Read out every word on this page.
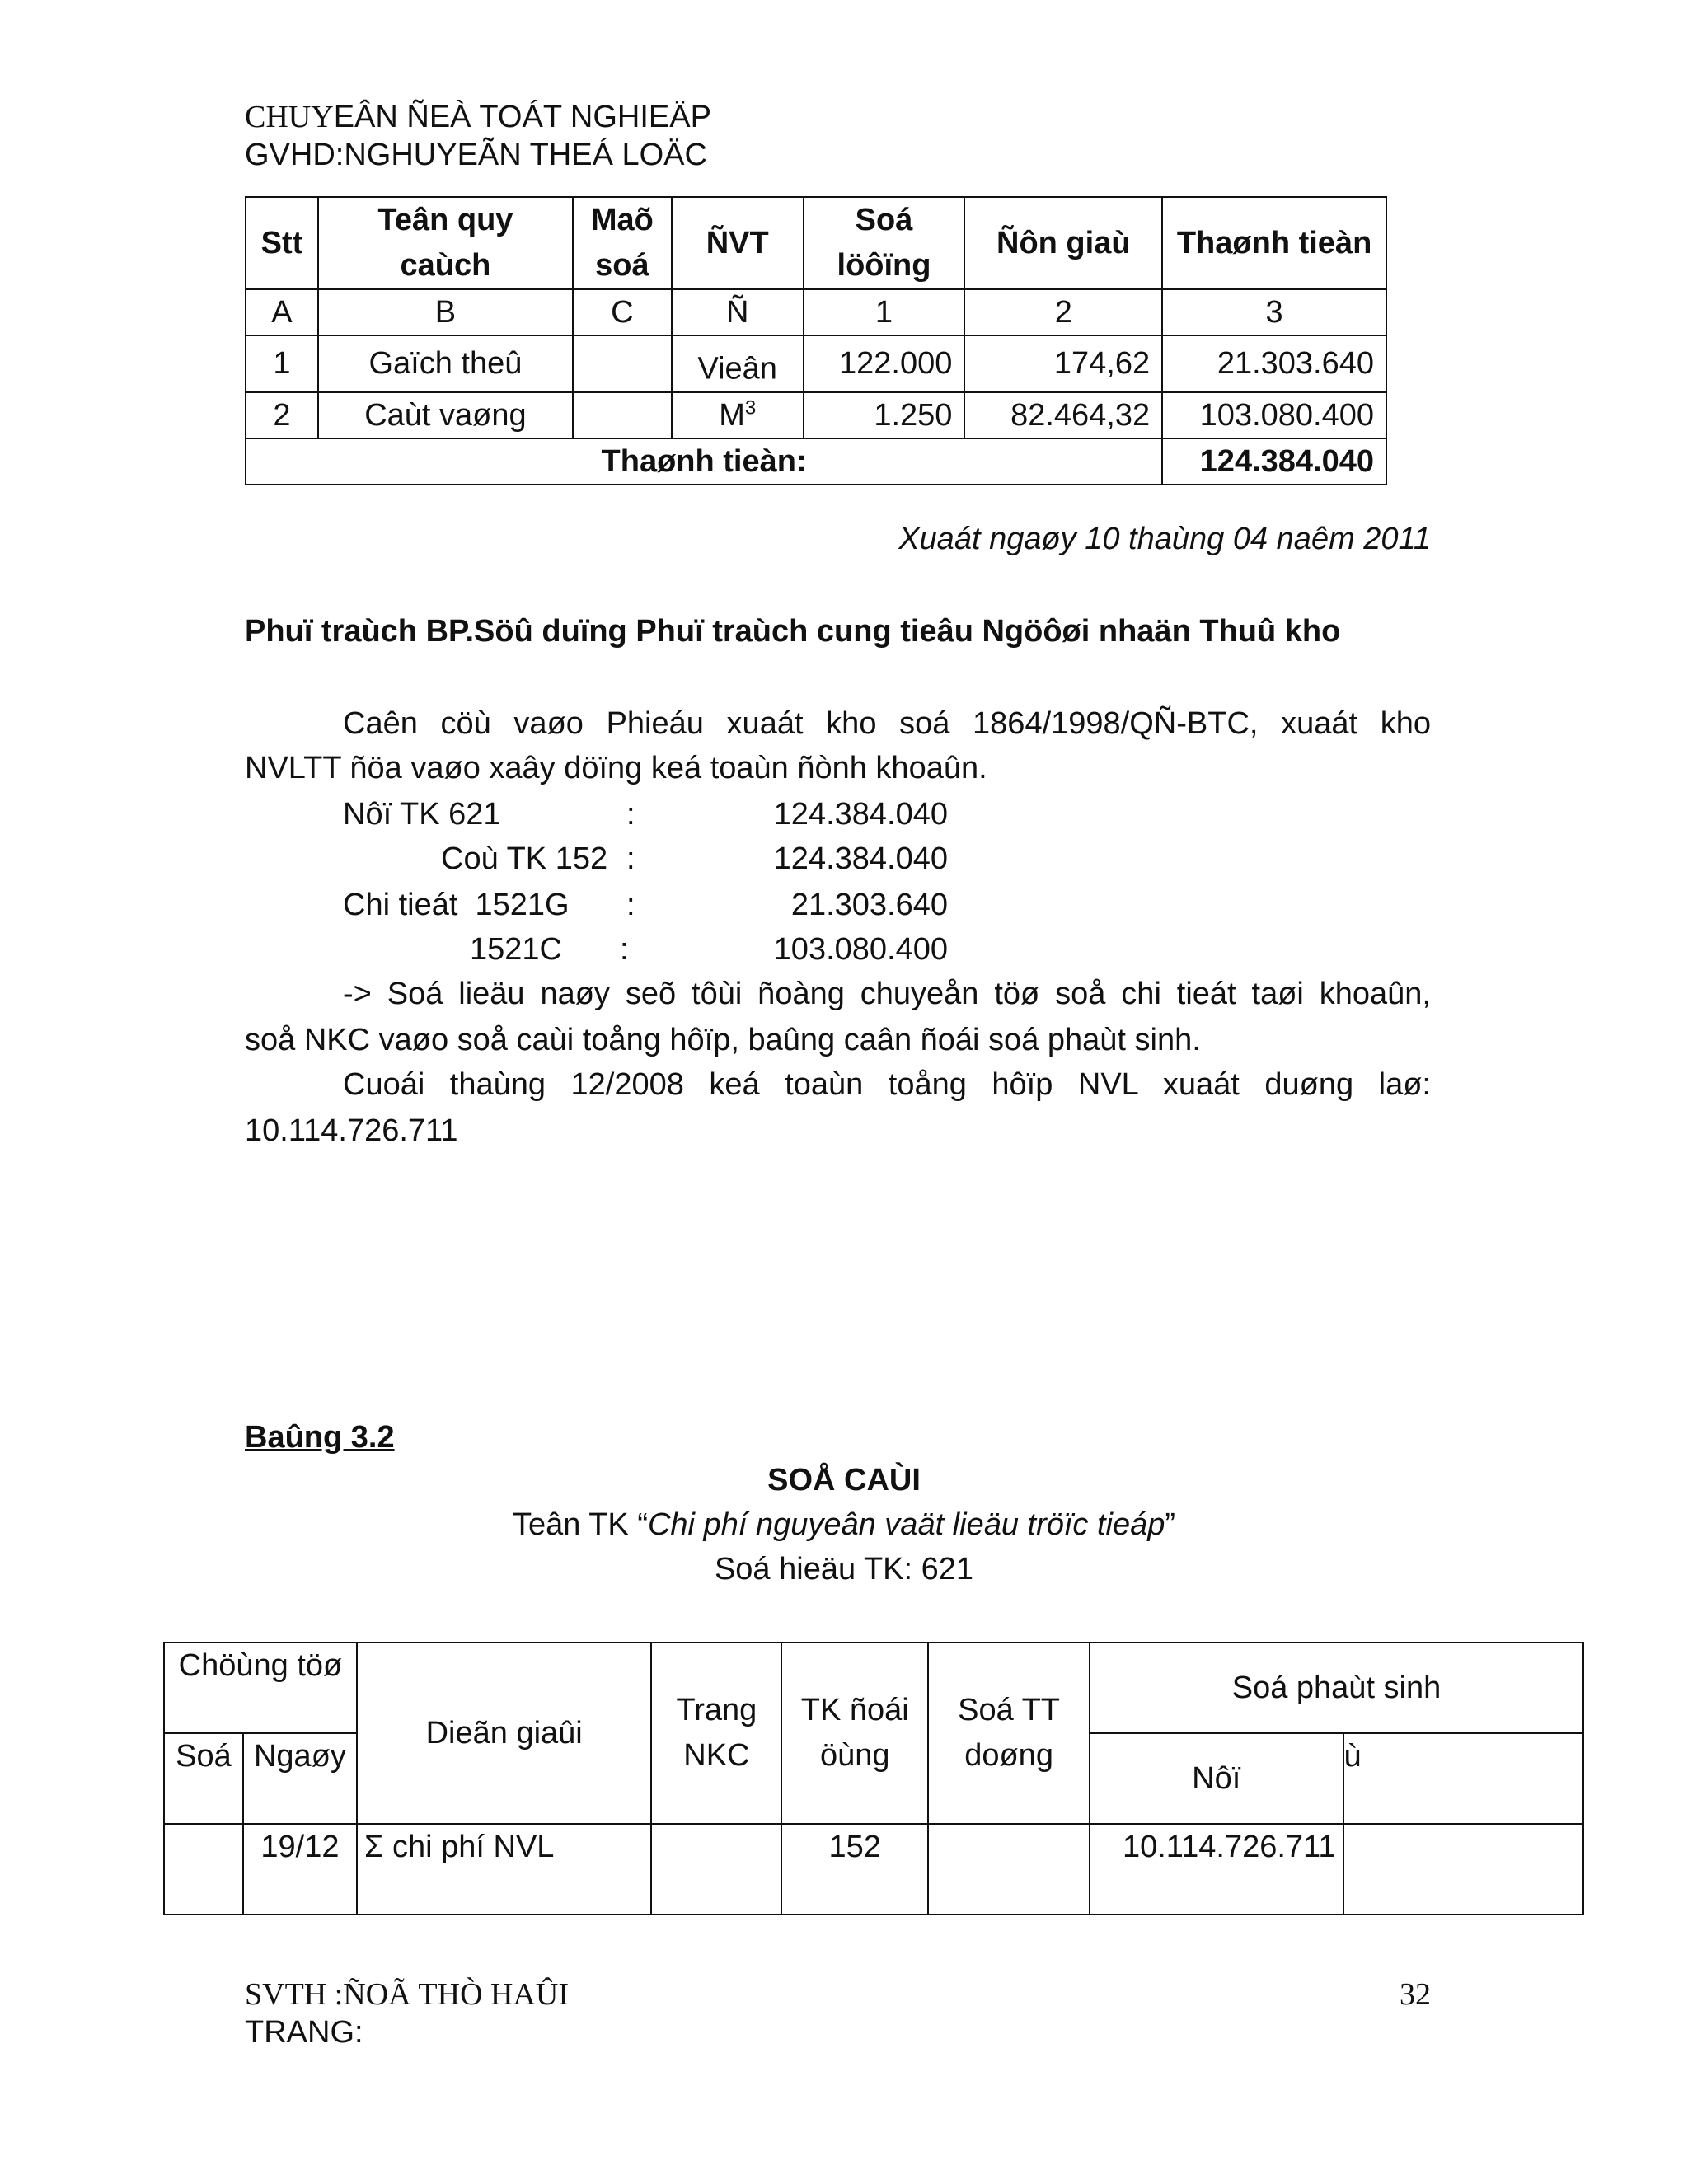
CHUYEÂN ÑEÀ TOÁT NGHIEÄP
GVHD:NGHUYEÃN THEÁ LOÄC
Stt	Teân quy caùch	Maõ soá	ÑVT	Soá löôïng	Ñôn giaù	Thaønh tieàn
A	B	C	Ñ	1	2	3
1	Gaïch theû		Vieân	122.000	174,62	21.303.640
2	Caùt vaøng		$M^3$	1.250	82.464,32	103.080.400
Thaønh tieàn:						124.384.040
Xuaát ngaøy 10 thaùng 04 naêm 2011
Phuï traùch BP.Söû duïng Phuï traùch cung tieâu Ngöôøi nhaän Thuû kho
Caên cöù vaøo Phieáu xuaát kho soá 1864/1998/QÑ-BTC, xuaát kho
NVLTT ñöa vaøo xaây döïng keá toaùn ñònh khoaûn.
Nôï TK 621	:	124.384.040
Coù TK 152 :	124.384.040
Chi tieát  1521G :	21.303.640
1521C :	103.080.400
-> Soá lieäu naøy seõ tôùi ñoàng chuyeån töø soå chi tieát taøi khoaûn,
soå NKC vaøo soå caùi toång hôïp, baûng caân ñoái soá phaùt sinh.
Cuoái thaùng 12/2008 keá toaùn toång hôïp NVL xuaát duøng laø:
10.114.726.711
Baûng 3.2
SOÅ CAÙI
Teân TK “Chi phí nguyeân vaät lieäu tröïc tieáp”
Soá hieäu TK: 621
Chöùng töø		Dieãn giaûi	Trang NKC	TK ñoái öùng	Soá TT doøng	Soá phaùt sinh	
Soá	Ngaøy					Nôï	ù
	19/12	Σ chi phí NVL		152		10.114.726.711	
SVTH :ÑOÃ THÒ HAÛI
TRANG:
32
